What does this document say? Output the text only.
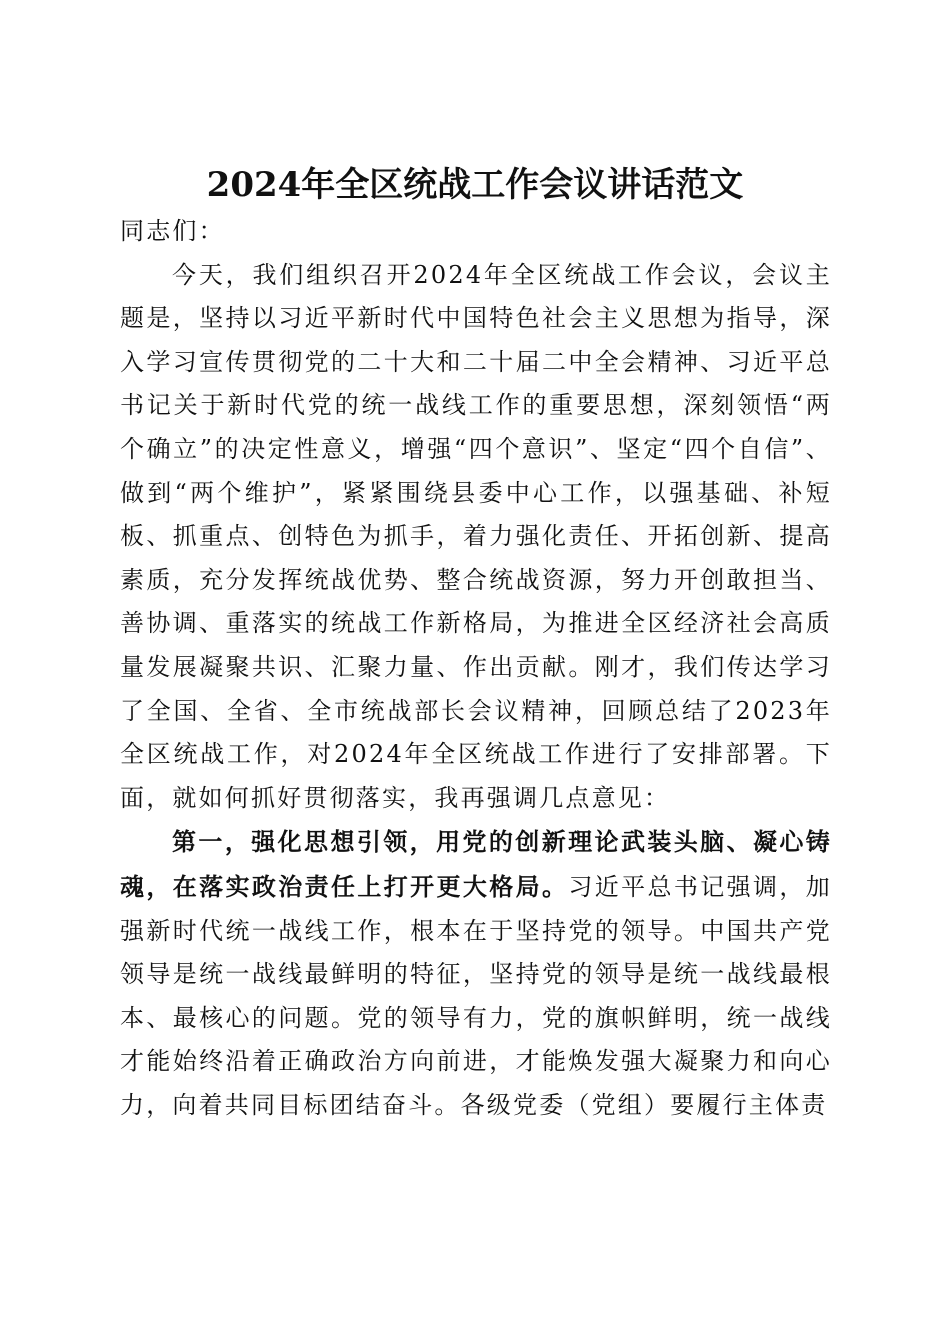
2024年全区统战工作会议讲话范文

同志们：

今天，我们组织召开2024年全区统战工作会议，会议主题是，坚持以习近平新时代中国特色社会主义思想为指导，深入学习宣传贯彻党的二十大和二十届二中全会精神、习近平总书记关于新时代党的统一战线工作的重要思想，深刻领悟“两个确立”的决定性意义，增强“四个意识”、坚定“四个自信”、做到“两个维护”，紧紧围绕县委中心工作，以强基础、补短板、抓重点、创特色为抓手，着力强化责任、开拓创新、提高素质，充分发挥统战优势、整合统战资源，努力开创敢担当、善协调、重落实的统战工作新格局，为推进全区经济社会高质量发展凝聚共识、汇聚力量、作出贡献。刚才，我们传达学习了全国、全省、全市统战部长会议精神，回顾总结了2023年全区统战工作，对2024年全区统战工作进行了安排部署。下面，就如何抓好贯彻落实，我再强调几点意见：

第一，强化思想引领，用党的创新理论武装头脑、凝心铸魂，在落实政治责任上打开更大格局。习近平总书记强调，加强新时代统一战线工作，根本在于坚持党的领导。中国共产党领导是统一战线最鲜明的特征，坚持党的领导是统一战线最根本、最核心的问题。党的领导有力，党的旗帜鲜明，统一战线才能始终沿着正确政治方向前进，才能焕发强大凝聚力和向心力，向着共同目标团结奋斗。各级党委（党组）要履行主体责
